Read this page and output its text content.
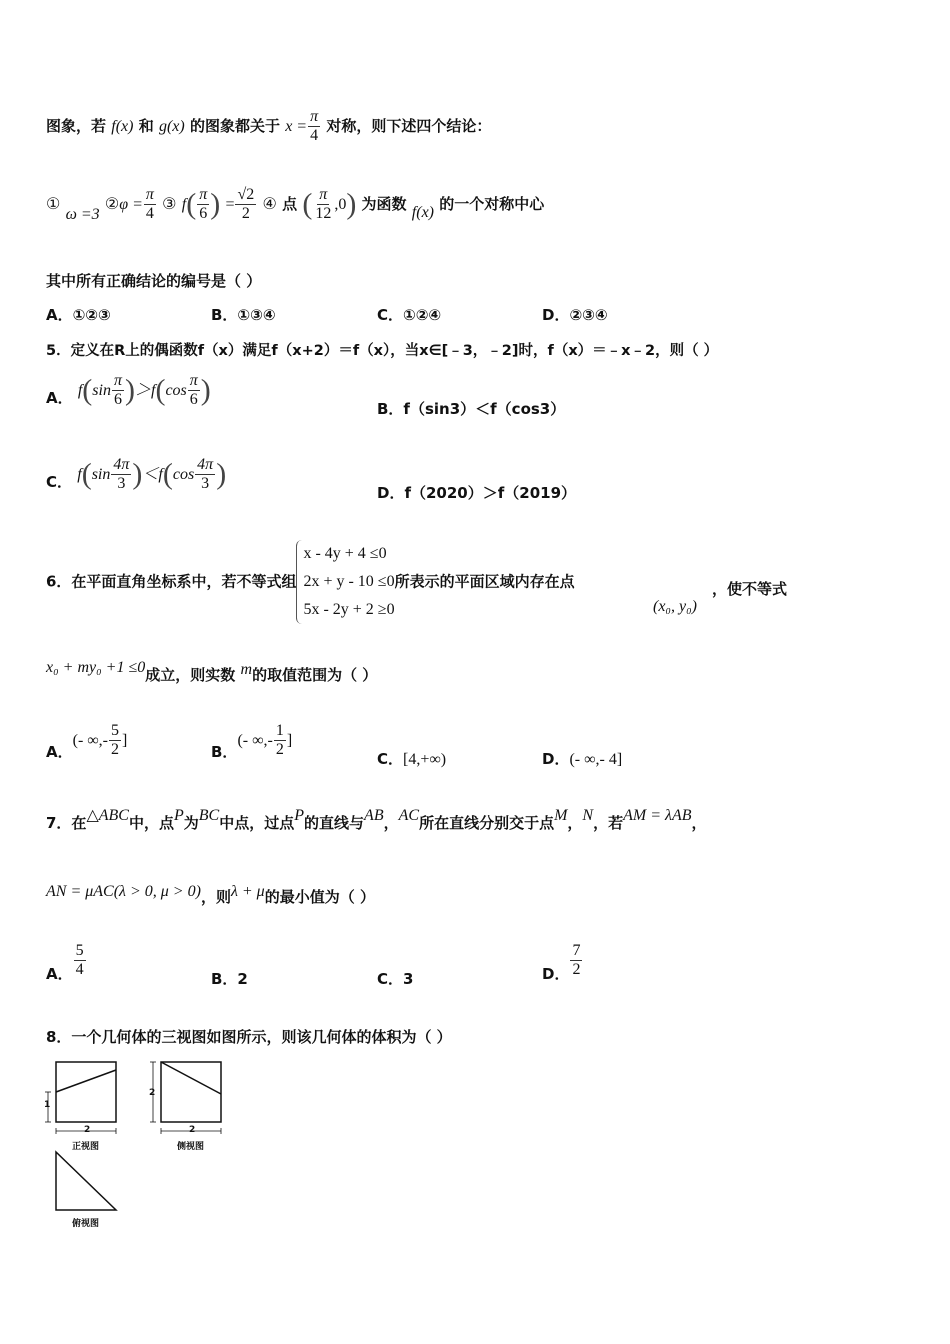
图象，若 f(x) 和 g(x) 的图象都关于 $x = \frac{\pi}{4}$ 对称，则下述四个结论：
① ω =3 ②φ = $\frac{\pi}{4}$ ③ $f( \frac{\pi}{6}$ ) = $\frac{√2}{2}$ ④ 点 ( $\frac{\pi}{12} ,0$) 为函数 f(x) 的一个对称中心
其中所有正确结论的编号是（ ）
A．①②③	B．①③④	C．①②④	D．②③④
5．定义在R上的偶函数f（x）满足f（x+2）＝f（x），当x∈[﹣3，﹣2]时，f（x）＝﹣x﹣2，则（ ）
A． $f(\sin \frac{\pi}{6} )>f(\cos \frac{\pi}{6}$ )
B．f（sin3）＜f（cos3）
C． $f(\sin \frac{4\pi}{3} )<f(\cos \frac{4\pi}{3}$ )
D．f（2020）＞f（2019）
6．在平面直角坐标系中，若不等式组
x - 4y + 4 ≤0
2x + y - 10 ≤0
5x - 2y + 2 ≥0
所表示的平面区域内存在点
(x₀, y₀)
，使不等式
x₀ + my₀ +1 ≤0成立，则实数 m的取值范围为（ ）
A．(- ∞,- $\frac{5}{2}$ ]
B．(- ∞,- $\frac{1}{2}$ ]
C．[4,+∞)	D．(- ∞,- 4]
7．在△ABC中，点P为BC中点，过点P的直线与AB，AC所在直线分别交于点M，N，若AM = λAB，
AN = μAC(λ > 0, μ > 0)，则λ + μ的最小值为（ ）
A． $\frac{5}{4}$	B．2	C．3	D． $\frac{7}{2}$
8．一个几何体的三视图如图所示，则该几何体的体积为（ ）
1
2
正视图
2
2
侧视图
俯视图
